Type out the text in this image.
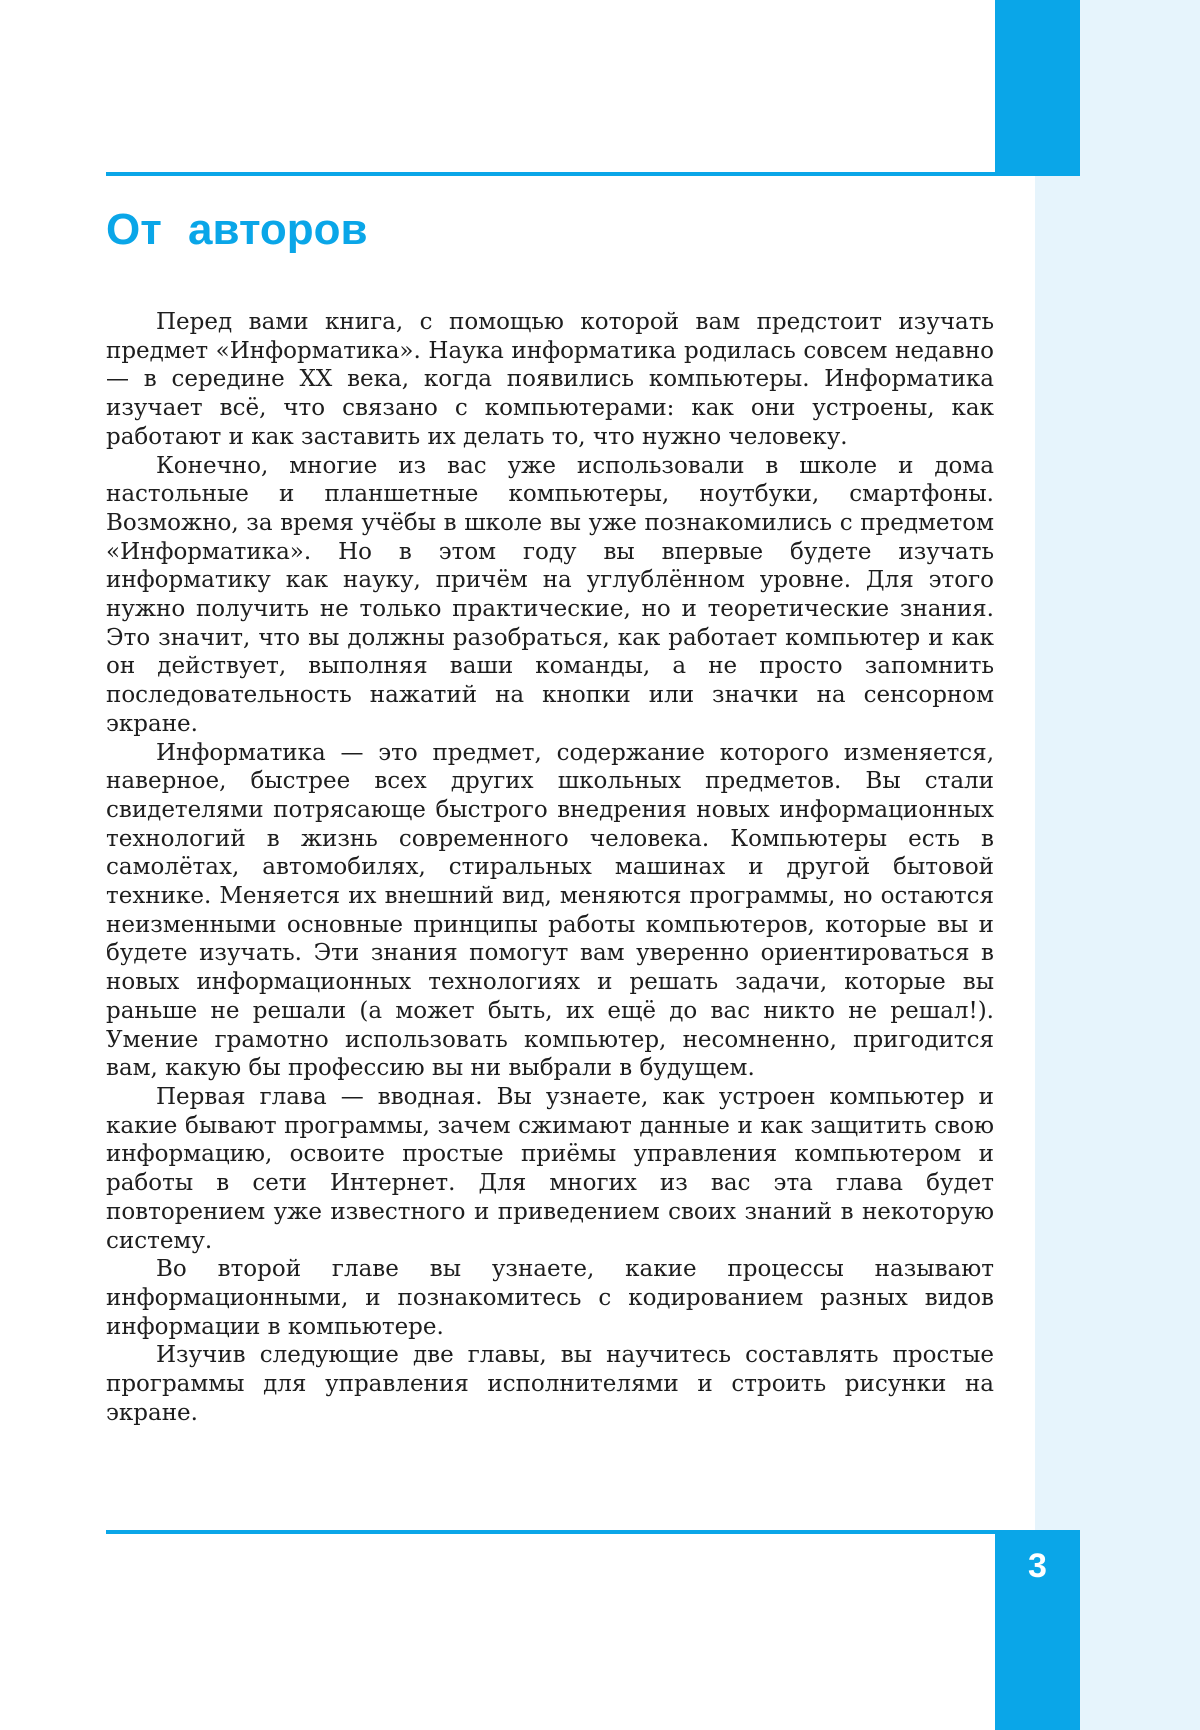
От авторов

Перед вами книга, с помощью которой вам предстоит изучать предмет «Информатика». Наука информатика родилась совсем недавно — в середине XX века, когда появились компьютеры. Информатика изучает всё, что связано с компьютерами: как они устроены, как работают и как заставить их делать то, что нужно человеку.

Конечно, многие из вас уже использовали в школе и дома настольные и планшетные компьютеры, ноутбуки, смартфоны. Возможно, за время учёбы в школе вы уже познакомились с предметом «Информатика». Но в этом году вы впервые будете изучать информатику как науку, причём на углублённом уровне. Для этого нужно получить не только практические, но и теоретические знания. Это значит, что вы должны разобраться, как работает компьютер и как он действует, выполняя ваши команды, а не просто запомнить последовательность нажатий на кнопки или значки на сенсорном экране.

Информатика — это предмет, содержание которого изменяется, наверное, быстрее всех других школьных предметов. Вы стали свидетелями потрясающе быстрого внедрения новых информационных технологий в жизнь современного человека. Компьютеры есть в самолётах, автомобилях, стиральных машинах и другой бытовой технике. Меняется их внешний вид, меняются программы, но остаются неизменными основные принципы работы компьютеров, которые вы и будете изучать. Эти знания помогут вам уверенно ориентироваться в новых информационных технологиях и решать задачи, которые вы раньше не решали (а может быть, их ещё до вас никто не решал!). Умение грамотно использовать компьютер, несомненно, пригодится вам, какую бы профессию вы ни выбрали в будущем.

Первая глава — вводная. Вы узнаете, как устроен компьютер и какие бывают программы, зачем сжимают данные и как защитить свою информацию, освоите простые приёмы управления компьютером и работы в сети Интернет. Для многих из вас эта глава будет повторением уже известного и приведением своих знаний в некоторую систему.

Во второй главе вы узнаете, какие процессы называют информационными, и познакомитесь с кодированием разных видов информации в компьютере.

Изучив следующие две главы, вы научитесь составлять простые программы для управления исполнителями и строить рисунки на экране.

3
